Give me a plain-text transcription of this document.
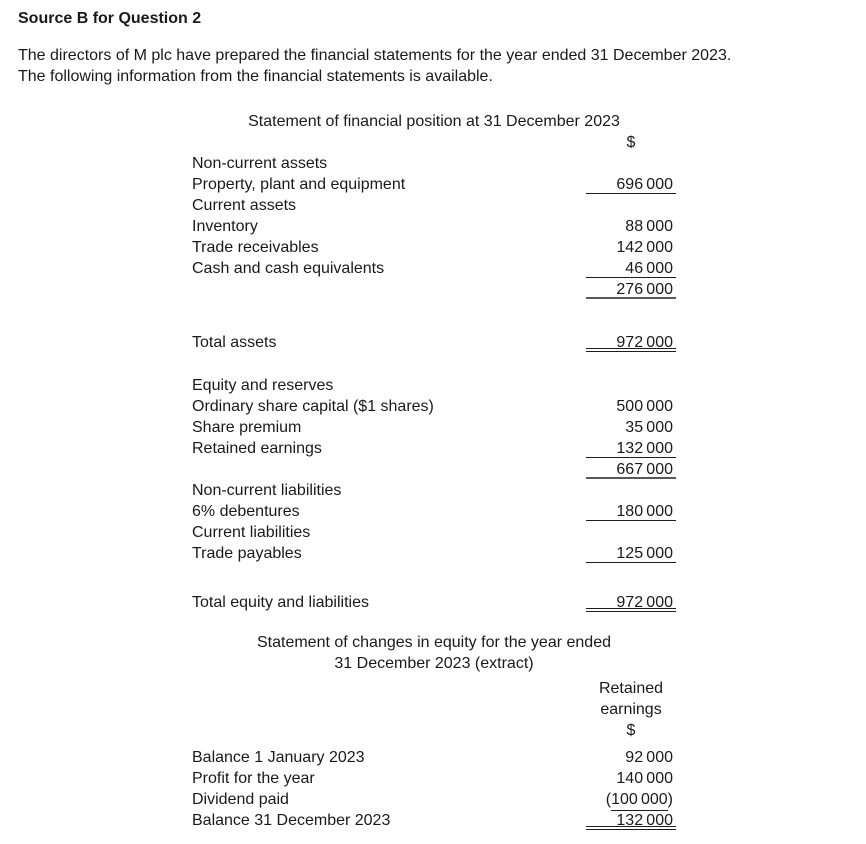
Source B for Question 2
The directors of M plc have prepared the financial statements for the year ended 31 December 2023.
The following information from the financial statements is available.
Statement of financial position at 31 December 2023
$
Non-current assets
Property, plant and equipment	696 000
Current assets
Inventory	88 000
Trade receivables	142 000
Cash and cash equivalents	46 000
276 000
Total assets	972 000
Equity and reserves
Ordinary share capital ($1 shares)	500 000
Share premium	35 000
Retained earnings	132 000
667 000
Non-current liabilities
6% debentures	180 000
Current liabilities
Trade payables	125 000
Total equity and liabilities	972 000
Statement of changes in equity for the year ended
31 December 2023 (extract)
Retained
earnings
$
Balance 1 January 2023	92 000
Profit for the year	140 000
Dividend paid	(100 000)
Balance 31 December 2023	132 000
